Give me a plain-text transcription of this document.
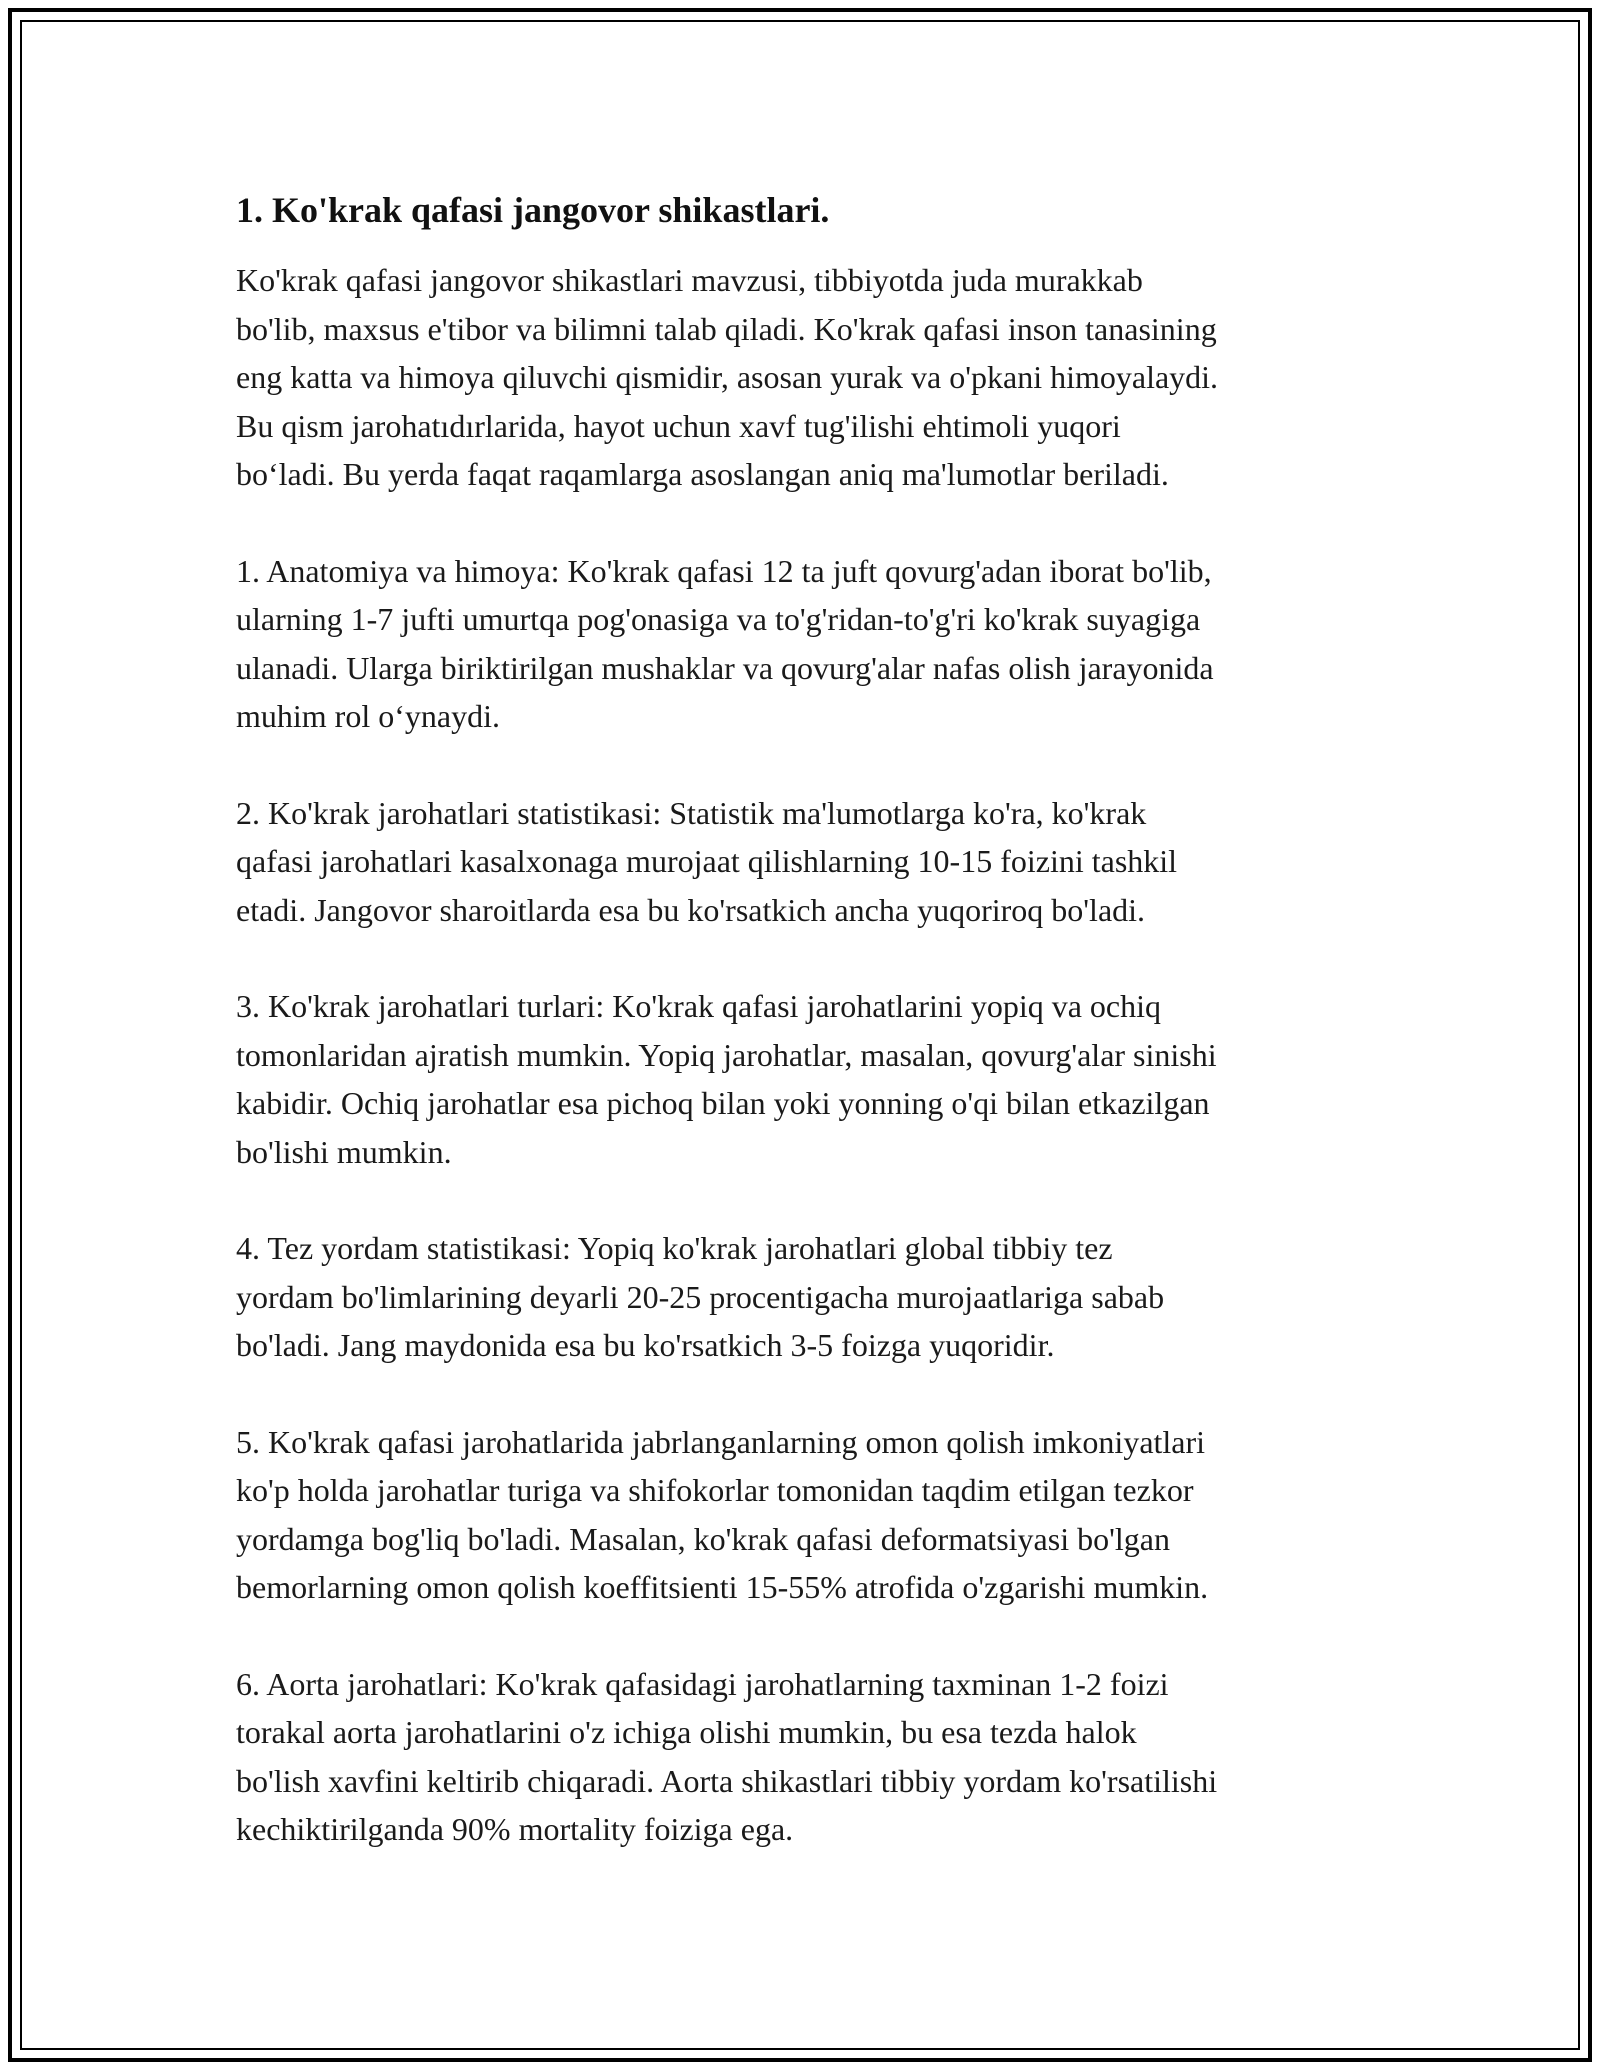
1. Ko'krak qafasi jangovor shikastlari.

Ko'krak qafasi jangovor shikastlari mavzusi, tibbiyotda juda murakkab
bo'lib, maxsus e'tibor va bilimni talab qiladi. Ko'krak qafasi inson tanasining
eng katta va himoya qiluvchi qismidir, asosan yurak va o'pkani himoyalaydi.
Bu qism jarohatıdırlarida, hayot uchun xavf tug'ilishi ehtimoli yuqori
bo‘ladi. Bu yerda faqat raqamlarga asoslangan aniq ma'lumotlar beriladi.

1. Anatomiya va himoya: Ko'krak qafasi 12 ta juft qovurg'adan iborat bo'lib,
ularning 1-7 jufti umurtqa pog'onasiga va to'g'ridan-to'g'ri ko'krak suyagiga
ulanadi. Ularga biriktirilgan mushaklar va qovurg'alar nafas olish jarayonida
muhim rol o‘ynaydi.

2. Ko'krak jarohatlari statistikasi: Statistik ma'lumotlarga ko'ra, ko'krak
qafasi jarohatlari kasalxonaga murojaat qilishlarning 10-15 foizini tashkil
etadi. Jangovor sharoitlarda esa bu ko'rsatkich ancha yuqoriroq bo'ladi.

3. Ko'krak jarohatlari turlari: Ko'krak qafasi jarohatlarini yopiq va ochiq
tomonlaridan ajratish mumkin. Yopiq jarohatlar, masalan, qovurg'alar sinishi
kabidir. Ochiq jarohatlar esa pichoq bilan yoki yonning o'qi bilan etkazilgan
bo'lishi mumkin.

4. Tez yordam statistikasi: Yopiq ko'krak jarohatlari global tibbiy tez
yordam bo'limlarining deyarli 20-25 procentigacha murojaatlariga sabab
bo'ladi. Jang maydonida esa bu ko'rsatkich 3-5 foizga yuqoridir.

5. Ko'krak qafasi jarohatlarida jabrlanganlarning omon qolish imkoniyatlari
ko'p holda jarohatlar turiga va shifokorlar tomonidan taqdim etilgan tezkor
yordamga bog'liq bo'ladi. Masalan, ko'krak qafasi deformatsiyasi bo'lgan
bemorlarning omon qolish koeffitsienti 15-55% atrofida o'zgarishi mumkin.

6. Aorta jarohatlari: Ko'krak qafasidagi jarohatlarning taxminan 1-2 foizi
torakal aorta jarohatlarini o'z ichiga olishi mumkin, bu esa tezda halok
bo'lish xavfini keltirib chiqaradi. Aorta shikastlari tibbiy yordam ko'rsatilishi
kechiktirilganda 90% mortality foiziga ega.
